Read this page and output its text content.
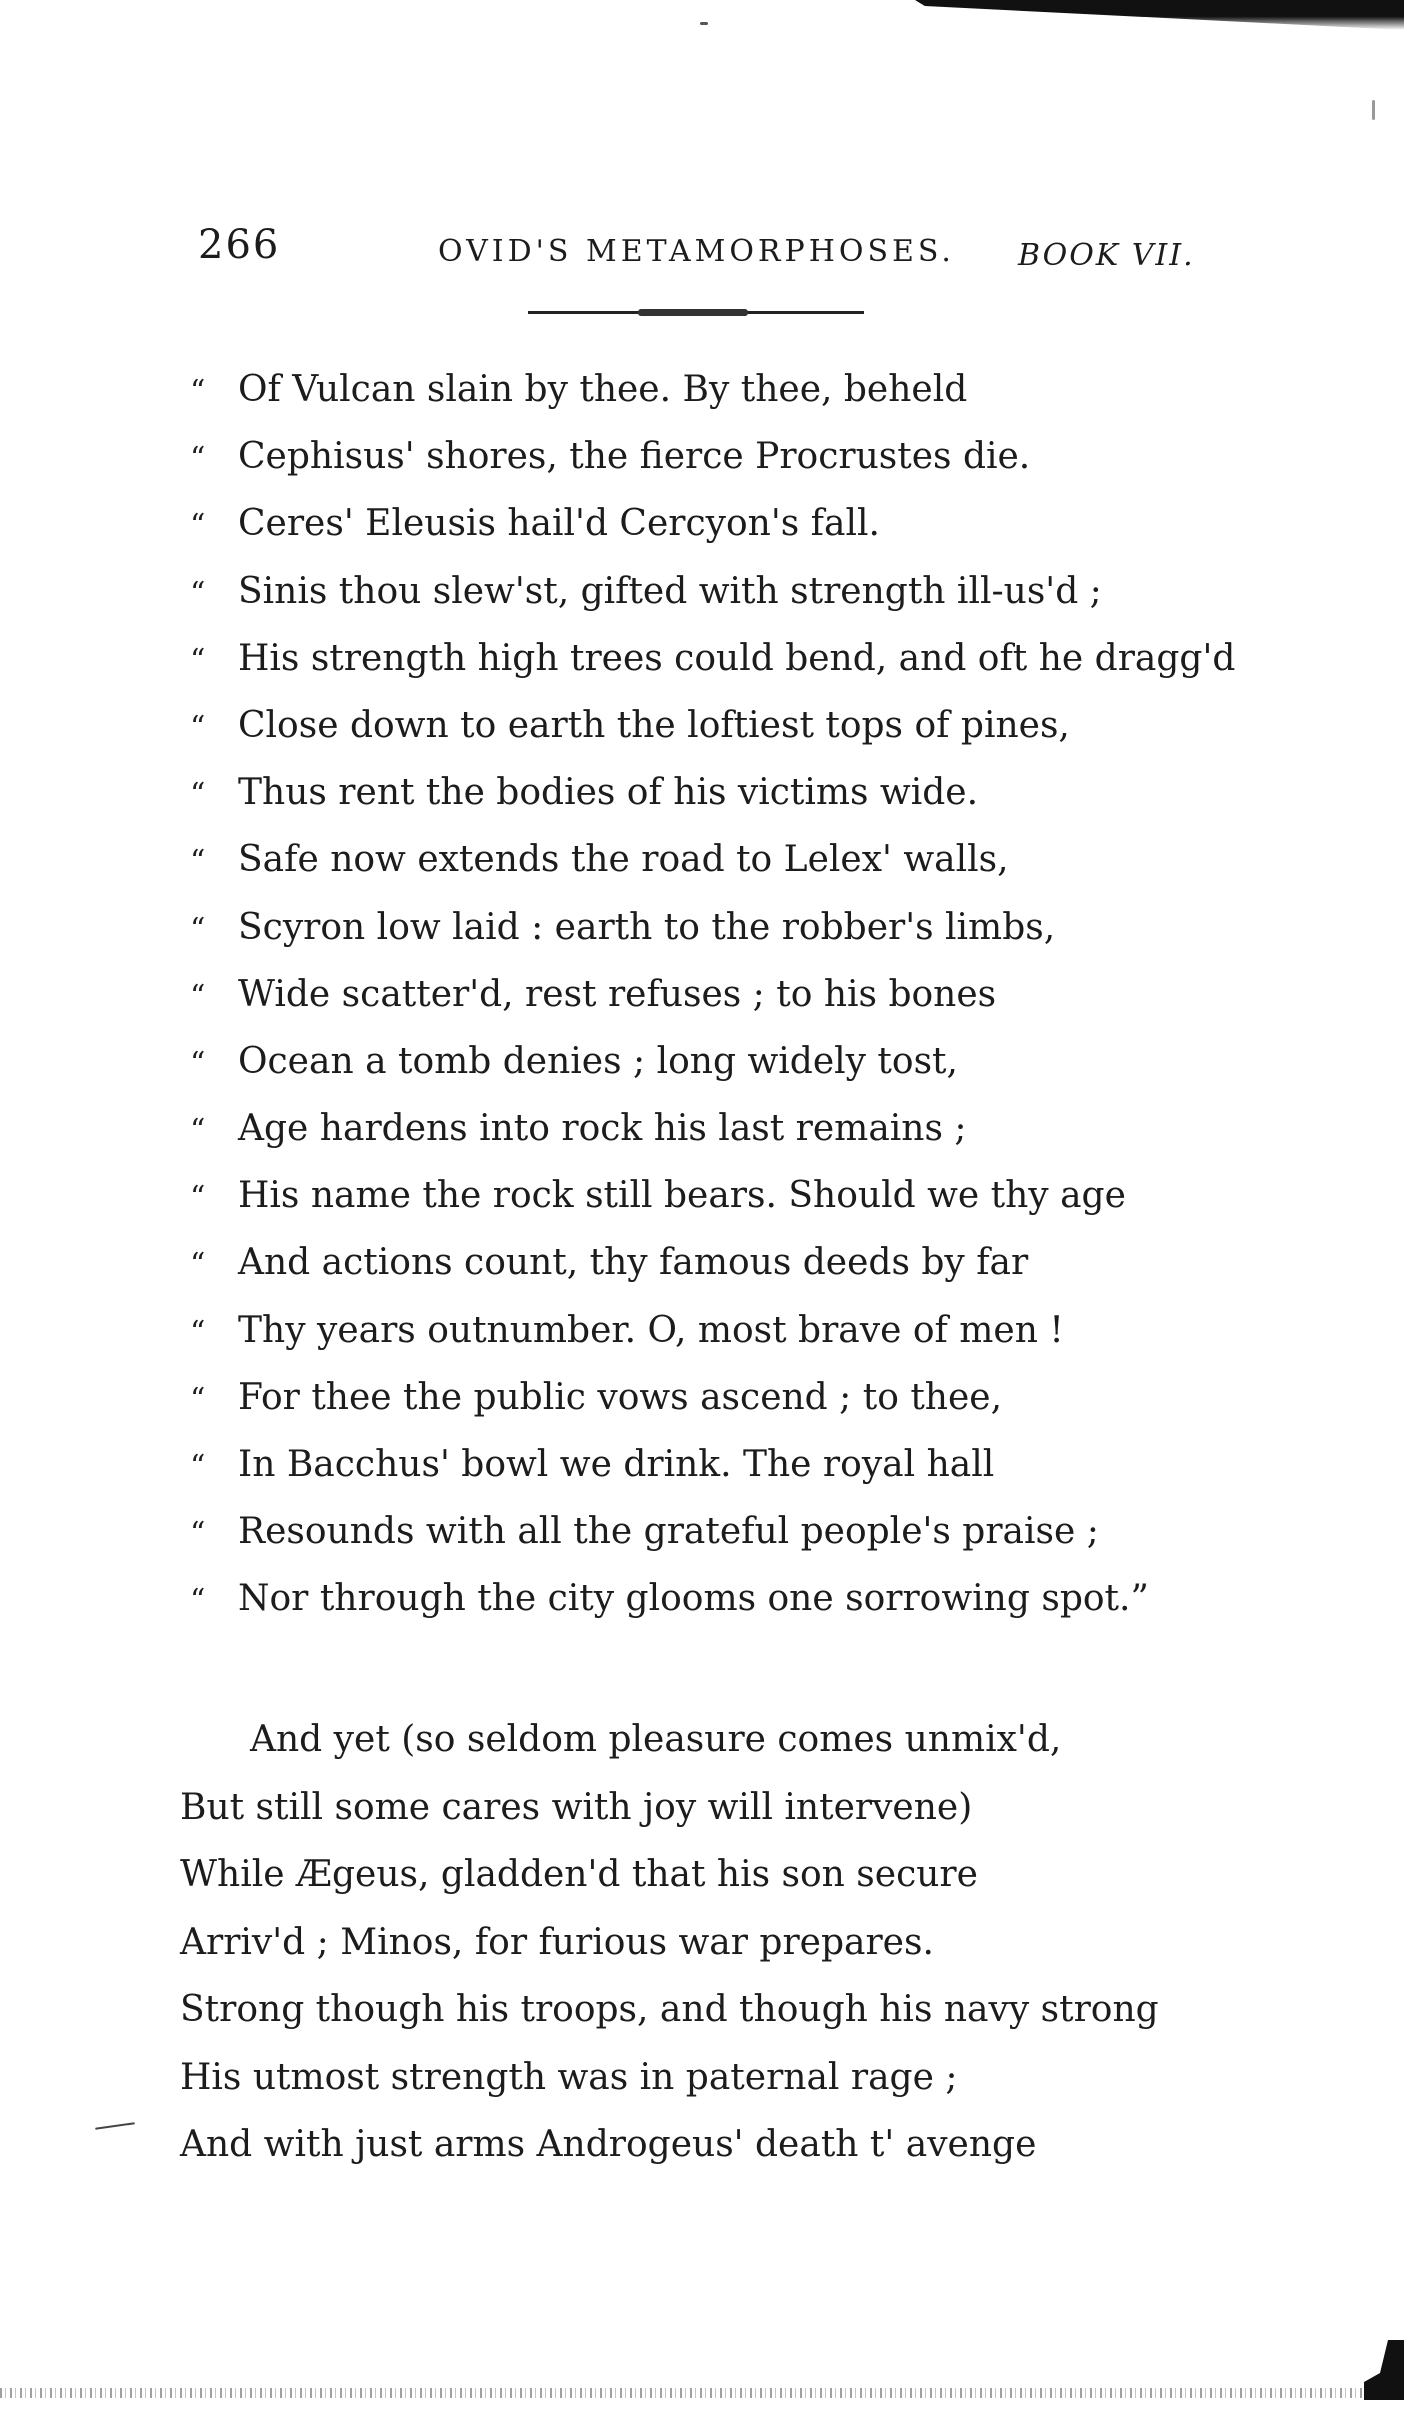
266	OVID'S METAMORPHOSES. BOOK VII.
“ Of Vulcan slain by thee. By thee, beheld
“ Cephisus' shores, the fierce Procrustes die.
“ Ceres' Eleusis hail'd Cercyon's fall.
“ Sinis thou slew'st, gifted with strength ill-us'd ;
“ His strength high trees could bend, and oft he dragg'd
“ Close down to earth the loftiest tops of pines,
“ Thus rent the bodies of his victims wide.
“ Safe now extends the road to Lelex' walls,
“ Scyron low laid : earth to the robber's limbs,
“ Wide scatter'd, rest refuses ; to his bones
“ Ocean a tomb denies ; long widely tost,
“ Age hardens into rock his last remains ;
“ His name the rock still bears. Should we thy age
“ And actions count, thy famous deeds by far
“ Thy years outnumber. O, most brave of men !
“ For thee the public vows ascend ; to thee,
“ In Bacchus' bowl we drink. The royal hall
“ Resounds with all the grateful people's praise ;
“ Nor through the city glooms one sorrowing spot.”
And yet (so seldom pleasure comes unmix'd,
But still some cares with joy will intervene)
While Ægeus, gladden'd that his son secure
Arriv'd ; Minos, for furious war prepares.
Strong though his troops, and though his navy strong
His utmost strength was in paternal rage ;
And with just arms Androgeus' death t' avenge
